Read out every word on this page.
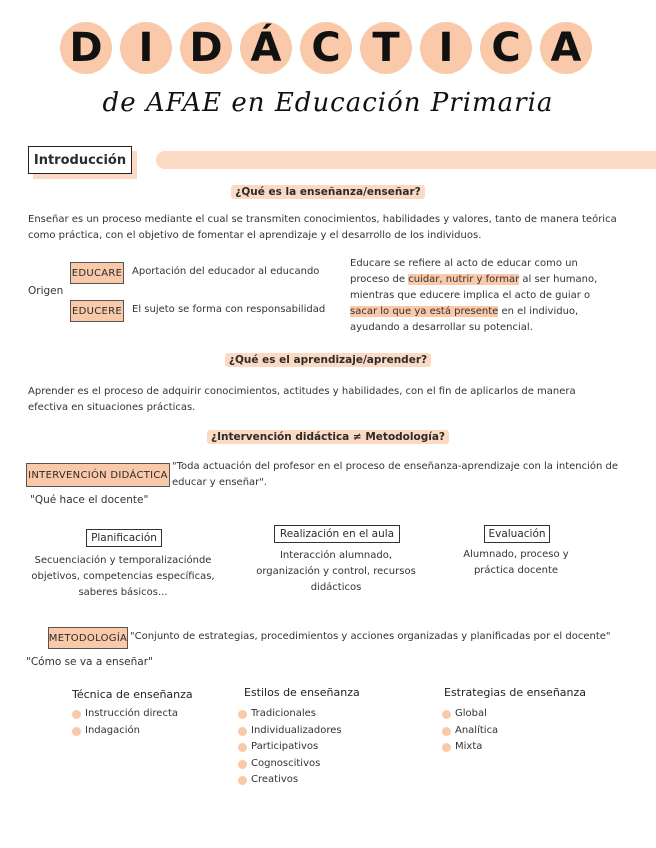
D I D Á C T I C A
de AFAE en Educación Primaria
Introducción
¿Qué es la enseñanza/enseñar?
Enseñar es un proceso mediante el cual se transmiten conocimientos, habilidades y valores, tanto de manera teórica
como práctica, con el objetivo de fomentar el aprendizaje y el desarrollo de los individuos.
Origen
EDUCARE Aportación del educador al educando
EDUCERE El sujeto se forma con responsabilidad
Educare se refiere al acto de educar como un
proceso de cuidar, nutrir y formar al ser humano,
mientras que educere implica el acto de guiar o
sacar lo que ya está presente en el individuo,
ayudando a desarrollar su potencial.
¿Qué es el aprendizaje/aprender?
Aprender es el proceso de adquirir conocimientos, actitudes y habilidades, con el fin de aplicarlos de manera
efectiva en situaciones prácticas.
¿Intervención didáctica ≠ Metodología?
INTERVENCIÓN DIDÁCTICA
"Toda actuación del profesor en el proceso de enseñanza-aprendizaje con la intención de
educar y enseñar".
"Qué hace el docente"
Planificación
Secuenciación y temporalizaciónde
objetivos, competencias específicas,
saberes básicos...
Realización en el aula
Interacción alumnado,
organización y control, recursos
didácticos
Evaluación
Alumnado, proceso y
práctica docente
METODOLOGÍA "Conjunto de estrategias, procedimientos y acciones organizadas y planificadas por el docente"
"Cómo se va a enseñar"
Técnica de enseñanza
Instrucción directa
Indagación
Estilos de enseñanza
Tradicionales
Individualizadores
Participativos
Cognoscitivos
Creativos
Estrategias de enseñanza
Global
Analítica
Mixta
